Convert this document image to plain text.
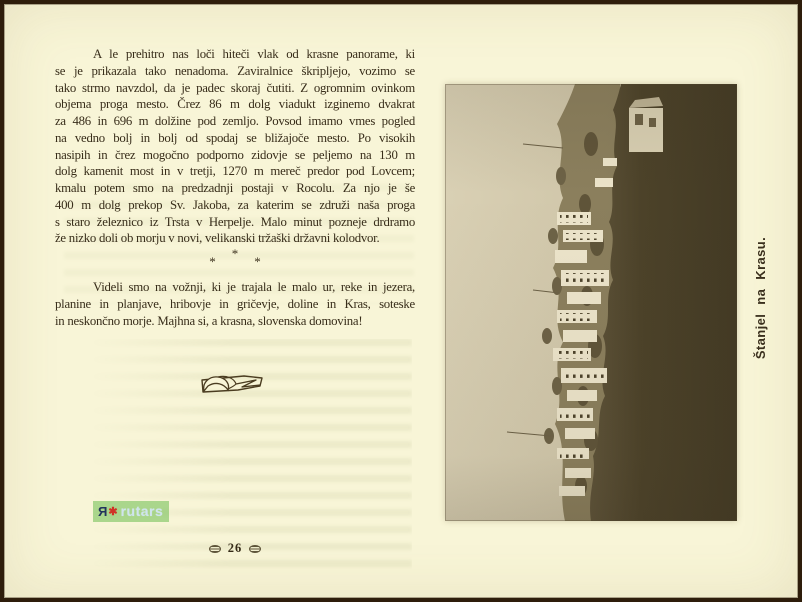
A le prehitro nas loči hiteči vlak od krasne panorame, ki
se je prikazala tako nenadoma. Zaviralnice škripljejo, vozimo se
tako strmo navzdol, da je padec skoraj čutiti. Z ogromnim ovinkom
objema proga mesto. Črez 86 m dolg viadukt izginemo dvakrat
za 486 in 696 m dolžine pod zemljo. Povsod imamo vmes pogled
na vedno bolj in bolj od spodaj se bližajoče mesto. Po visokih
nasipih in črez mogočno podporno zidovje se peljemo na 130 m
dolg kamenit most in v tretji, 1270 m mereč predor pod Lovcem;
kmalu potem smo na predzadnji postaji v Rocolu. Za njo je še
400 m dolg prekop Sv. Jakoba, za katerim se združi naša proga
s staro železnico iz Trsta v Herpelje. Malo minut pozneje drdramo
že nizko doli ob morju v novi, velikanski tržaški državni kolodvor.
***
Videli smo na vožnji, ki je trajala le malo ur, reke in jezera,
planine in planjave, hribovje in gričevje, doline in Kras, soteske
in neskončno morje. Majhna si, a krasna, slovenska domovina!
R ✱ rutars
26
Štanjel na Krasu.
